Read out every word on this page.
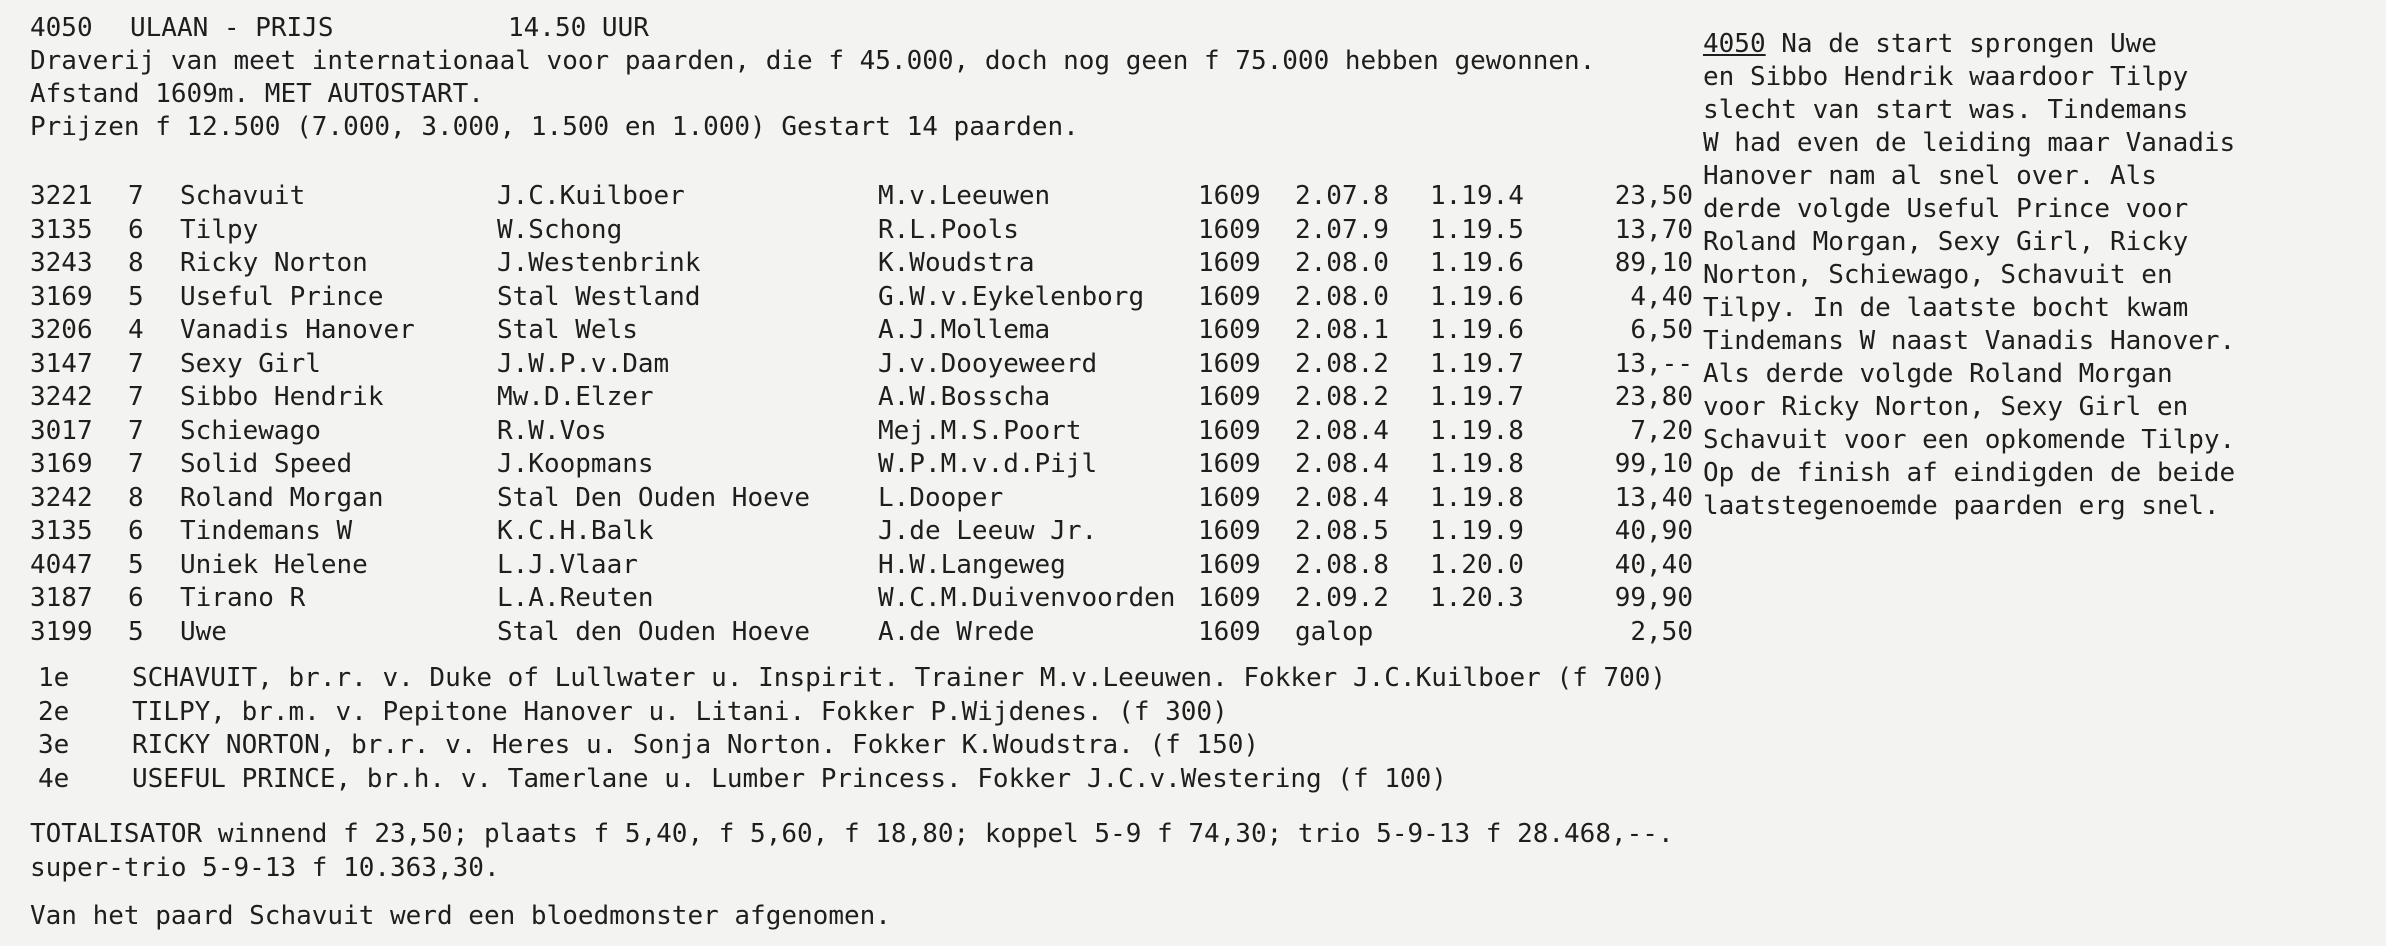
4050 ULAAN - PRIJS	14.50 UUR
Draverij van meet internationaal voor paarden, die f 45.000, doch nog geen f 75.000 hebben gewonnen.
Afstand 1609m. MET AUTOSTART.
Prijzen f 12.500 (7.000, 3.000, 1.500 en 1.000) Gestart 14 paarden.
3221 7 Schavuit	J.C.Kuilboer	M.v.Leeuwen	1609 2.07.8 1.19.4	23,50
3135 6 Tilpy	W.Schong	R.L.Pools	1609 2.07.9 1.19.5	13,70
3243 8 Ricky Norton	J.Westenbrink	K.Woudstra	1609 2.08.0 1.19.6	89,10
3169 5 Useful Prince	Stal Westland	G.W.v.Eykelenborg 1609 2.08.0 1.19.6	4,40
3206 4 Vanadis Hanover	Stal Wels	A.J.Mollema	1609 2.08.1 1.19.6	6,50
3147 7 Sexy Girl	J.W.P.v.Dam	J.v.Dooyeweerd	1609 2.08.2 1.19.7	13,--
3242 7 Sibbo Hendrik	Mw.D.Elzer	A.W.Bosscha	1609 2.08.2 1.19.7	23,80
3017 7 Schiewago	R.W.Vos	Mej.M.S.Poort	1609 2.08.4 1.19.8	7,20
3169 7 Solid Speed	J.Koopmans	W.P.M.v.d.Pijl	1609 2.08.4 1.19.8	99,10
3242 8 Roland Morgan	Stal Den Ouden Hoeve	L.Dooper	1609 2.08.4 1.19.8	13,40
3135 6 Tindemans W	K.C.H.Balk	J.de Leeuw Jr.	1609 2.08.5 1.19.9	40,90
4047 5 Uniek Helene	L.J.Vlaar	H.W.Langeweg	1609 2.08.8 1.20.0	40,40
3187 6 Tirano R	L.A.Reuten	W.C.M.Duivenvoorden 1609 2.09.2 1.20.3	99,90
3199 5 Uwe	Stal den Ouden Hoeve	A.de Wrede	1609 galop	2,50
1e SCHAVUIT, br.r. v. Duke of Lullwater u. Inspirit. Trainer M.v.Leeuwen. Fokker J.C.Kuilboer (f 700)
2e TILPY, br.m. v. Pepitone Hanover u. Litani. Fokker P.Wijdenes. (f 300)
3e RICKY NORTON, br.r. v. Heres u. Sonja Norton. Fokker K.Woudstra. (f 150)
4e USEFUL PRINCE, br.h. v. Tamerlane u. Lumber Princess. Fokker J.C.v.Westering (f 100)
TOTALISATOR winnend f 23,50; plaats f 5,40, f 5,60, f 18,80; koppel 5-9 f 74,30; trio 5-9-13 f 28.468,--.
super-trio 5-9-13 f 10.363,30.
Van het paard Schavuit werd een bloedmonster afgenomen.
4050 Na de start sprongen Uwe
en Sibbo Hendrik waardoor Tilpy
slecht van start was. Tindemans
W had even de leiding maar Vanadis
Hanover nam al snel over. Als
derde volgde Useful Prince voor
Roland Morgan, Sexy Girl, Ricky
Norton, Schiewago, Schavuit en
Tilpy. In de laatste bocht kwam
Tindemans W naast Vanadis Hanover.
Als derde volgde Roland Morgan
voor Ricky Norton, Sexy Girl en
Schavuit voor een opkomende Tilpy.
Op de finish af eindigden de beide
laatstegenoemde paarden erg snel.
